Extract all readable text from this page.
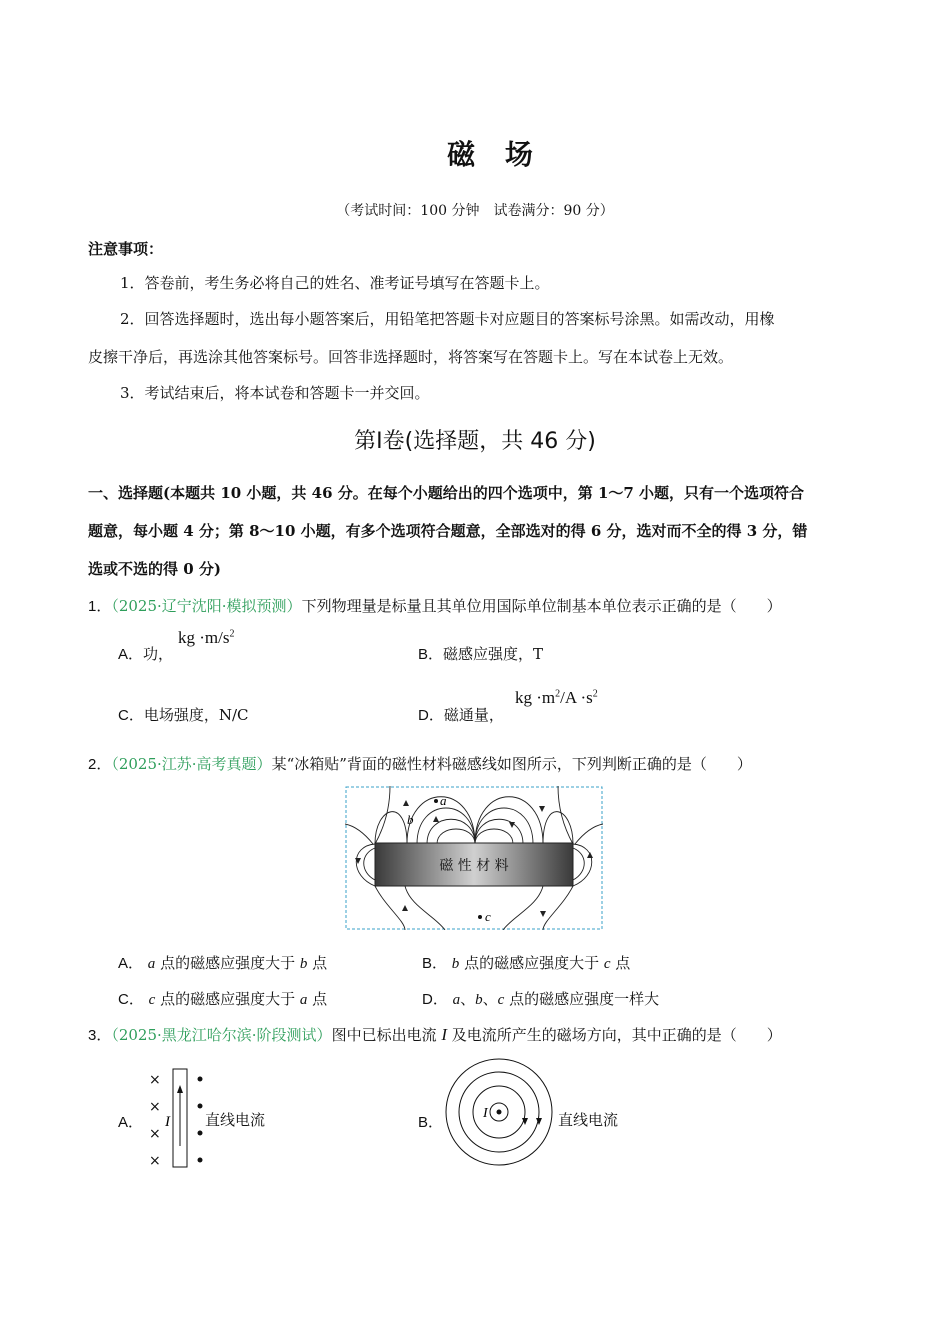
磁 场
（考试时间：100 分钟　试卷满分：90 分）
注意事项：
1．答卷前，考生务必将自己的姓名、准考证号填写在答题卡上。
2．回答选择题时，选出每小题答案后，用铅笔把答题卡对应题目的答案标号涂黑。如需改动，用橡
皮擦干净后，再选涂其他答案标号。回答非选择题时，将答案写在答题卡上。写在本试卷上无效。
3．考试结束后，将本试卷和答题卡一并交回。
第Ⅰ卷(选择题，共 46 分)
一、选择题(本题共 10 小题，共 46 分。在每个小题给出的四个选项中，第 1～7 小题，只有一个选项符合
题意，每小题 4 分；第 8～10 小题，有多个选项符合题意，全部选对的得 6 分，选对而不全的得 3 分，错
选或不选的得 0 分)
1．（2025·辽宁沈阳·模拟预测）下列物理量是标量且其单位用国际单位制基本单位表示正确的是（　　）
A．功，
kg $\cdot m/s^2$
B．磁感应强度，T
C．电场强度，N/C	D．磁通量，
kg $\cdot m^2/A \cdot s^2$
2．（2025·江苏·高考真题）某“冰箱贴”背面的磁性材料磁感线如图所示，下列判断正确的是（　　）
磁 性 材 料
a
b
c
A． a 点的磁感应强度大于 b 点	B． b 点的磁感应强度大于 c 点
C． c 点的磁感应强度大于 a 点	D． a、b、c 点的磁感应强度一样大
3．（2025·黑龙江哈尔滨·阶段测试）图中已标出电流 I 及电流所产生的磁场方向，其中正确的是（　　）
A．
×
×
×
×
I 直线电流	B．
I	直线电流
